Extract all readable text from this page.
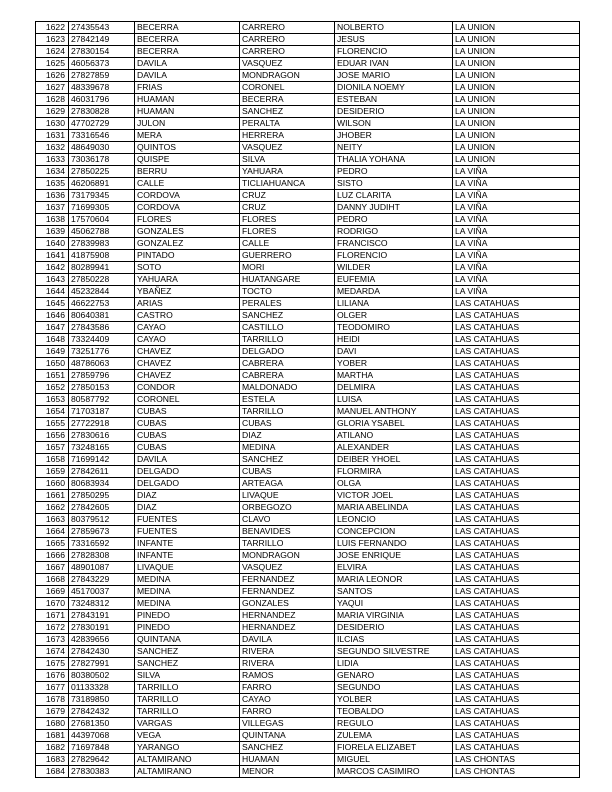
1622	27435543	BECERRA	CARRERO	NOLBERTO	LA UNION
1623	27842149	BECERRA	CARRERO	JESUS	LA UNION
1624	27830154	BECERRA	CARRERO	FLORENCIO	LA UNION
1625	46056373	DAVILA	VASQUEZ	EDUAR IVAN	LA UNION
1626	27827859	DAVILA	MONDRAGON	JOSE MARIO	LA UNION
1627	48339678	FRIAS	CORONEL	DIONILA NOEMY	LA UNION
1628	46031796	HUAMAN	BECERRA	ESTEBAN	LA UNION
1629	27830828	HUAMAN	SANCHEZ	DESIDERIO	LA UNION
1630	47702729	JULON	PERALTA	WILSON	LA UNION
1631	73316546	MERA	HERRERA	JHOBER	LA UNION
1632	48649030	QUINTOS	VASQUEZ	NEITY	LA UNION
1633	73036178	QUISPE	SILVA	THALIA YOHANA	LA UNION
1634	27850225	BERRU	YAHUARA	PEDRO	LA VIÑA
1635	46206891	CALLE	TICLIAHUANCA	SISTO	LA VIÑA
1636	73179345	CORDOVA	CRUZ	LUZ CLARITA	LA VIÑA
1637	71699305	CORDOVA	CRUZ	DANNY JUDIHT	LA VIÑA
1638	17570604	FLORES	FLORES	PEDRO	LA VIÑA
1639	45062788	GONZALES	FLORES	RODRIGO	LA VIÑA
1640	27839983	GONZALEZ	CALLE	FRANCISCO	LA VIÑA
1641	41875908	PINTADO	GUERRERO	FLORENCIO	LA VIÑA
1642	80289941	SOTO	MORI	WILDER	LA VIÑA
1643	27850228	YAHUARA	HUATANGARE	EUFEMIA	LA VIÑA
1644	45232844	YBAÑEZ	TOCTO	MEDARDA	LA VIÑA
1645	46622753	ARIAS	PERALES	LILIANA	LAS CATAHUAS
1646	80640381	CASTRO	SANCHEZ	OLGER	LAS CATAHUAS
1647	27843586	CAYAO	CASTILLO	TEODOMIRO	LAS CATAHUAS
1648	73324409	CAYAO	TARRILLO	HEIDI	LAS CATAHUAS
1649	73251776	CHAVEZ	DELGADO	DAVI	LAS CATAHUAS
1650	48786063	CHAVEZ	CABRERA	YOBER	LAS CATAHUAS
1651	27859796	CHAVEZ	CABRERA	MARTHA	LAS CATAHUAS
1652	27850153	CONDOR	MALDONADO	DELMIRA	LAS CATAHUAS
1653	80587792	CORONEL	ESTELA	LUISA	LAS CATAHUAS
1654	71703187	CUBAS	TARRILLO	MANUEL ANTHONY	LAS CATAHUAS
1655	27722918	CUBAS	CUBAS	GLORIA YSABEL	LAS CATAHUAS
1656	27830616	CUBAS	DIAZ	ATILANO	LAS CATAHUAS
1657	73248165	CUBAS	MEDINA	ALEXANDER	LAS CATAHUAS
1658	71699142	DAVILA	SANCHEZ	DEIBER YHOEL	LAS CATAHUAS
1659	27842611	DELGADO	CUBAS	FLORMIRA	LAS CATAHUAS
1660	80683934	DELGADO	ARTEAGA	OLGA	LAS CATAHUAS
1661	27850295	DIAZ	LIVAQUE	VICTOR JOEL	LAS CATAHUAS
1662	27842605	DIAZ	ORBEGOZO	MARIA ABELINDA	LAS CATAHUAS
1663	80379512	FUENTES	CLAVO	LEONCIO	LAS CATAHUAS
1664	27859673	FUENTES	BENAVIDES	CONCEPCION	LAS CATAHUAS
1665	73316592	INFANTE	TARRILLO	LUIS FERNANDO	LAS CATAHUAS
1666	27828308	INFANTE	MONDRAGON	JOSE ENRIQUE	LAS CATAHUAS
1667	48901087	LIVAQUE	VASQUEZ	ELVIRA	LAS CATAHUAS
1668	27843229	MEDINA	FERNANDEZ	MARIA LEONOR	LAS CATAHUAS
1669	45170037	MEDINA	FERNANDEZ	SANTOS	LAS CATAHUAS
1670	73248312	MEDINA	GONZALES	YAQUI	LAS CATAHUAS
1671	27843191	PINEDO	HERNANDEZ	MARIA VIRGINIA	LAS CATAHUAS
1672	27830191	PINEDO	HERNANDEZ	DESIDERIO	LAS CATAHUAS
1673	42839656	QUINTANA	DAVILA	ILCIAS	LAS CATAHUAS
1674	27842430	SANCHEZ	RIVERA	SEGUNDO SILVESTRE	LAS CATAHUAS
1675	27827991	SANCHEZ	RIVERA	LIDIA	LAS CATAHUAS
1676	80380502	SILVA	RAMOS	GENARO	LAS CATAHUAS
1677	01133328	TARRILLO	FARRO	SEGUNDO	LAS CATAHUAS
1678	73189850	TARRILLO	CAYAO	YOLBER	LAS CATAHUAS
1679	27842432	TARRILLO	FARRO	TEOBALDO	LAS CATAHUAS
1680	27681350	VARGAS	VILLEGAS	REGULO	LAS CATAHUAS
1681	44397068	VEGA	QUINTANA	ZULEMA	LAS CATAHUAS
1682	71697848	YARANGO	SANCHEZ	FIORELA ELIZABET	LAS CATAHUAS
1683	27829642	ALTAMIRANO	HUAMAN	MIGUEL	LAS CHONTAS
1684	27830383	ALTAMIRANO	MENOR	MARCOS CASIMIRO	LAS CHONTAS
